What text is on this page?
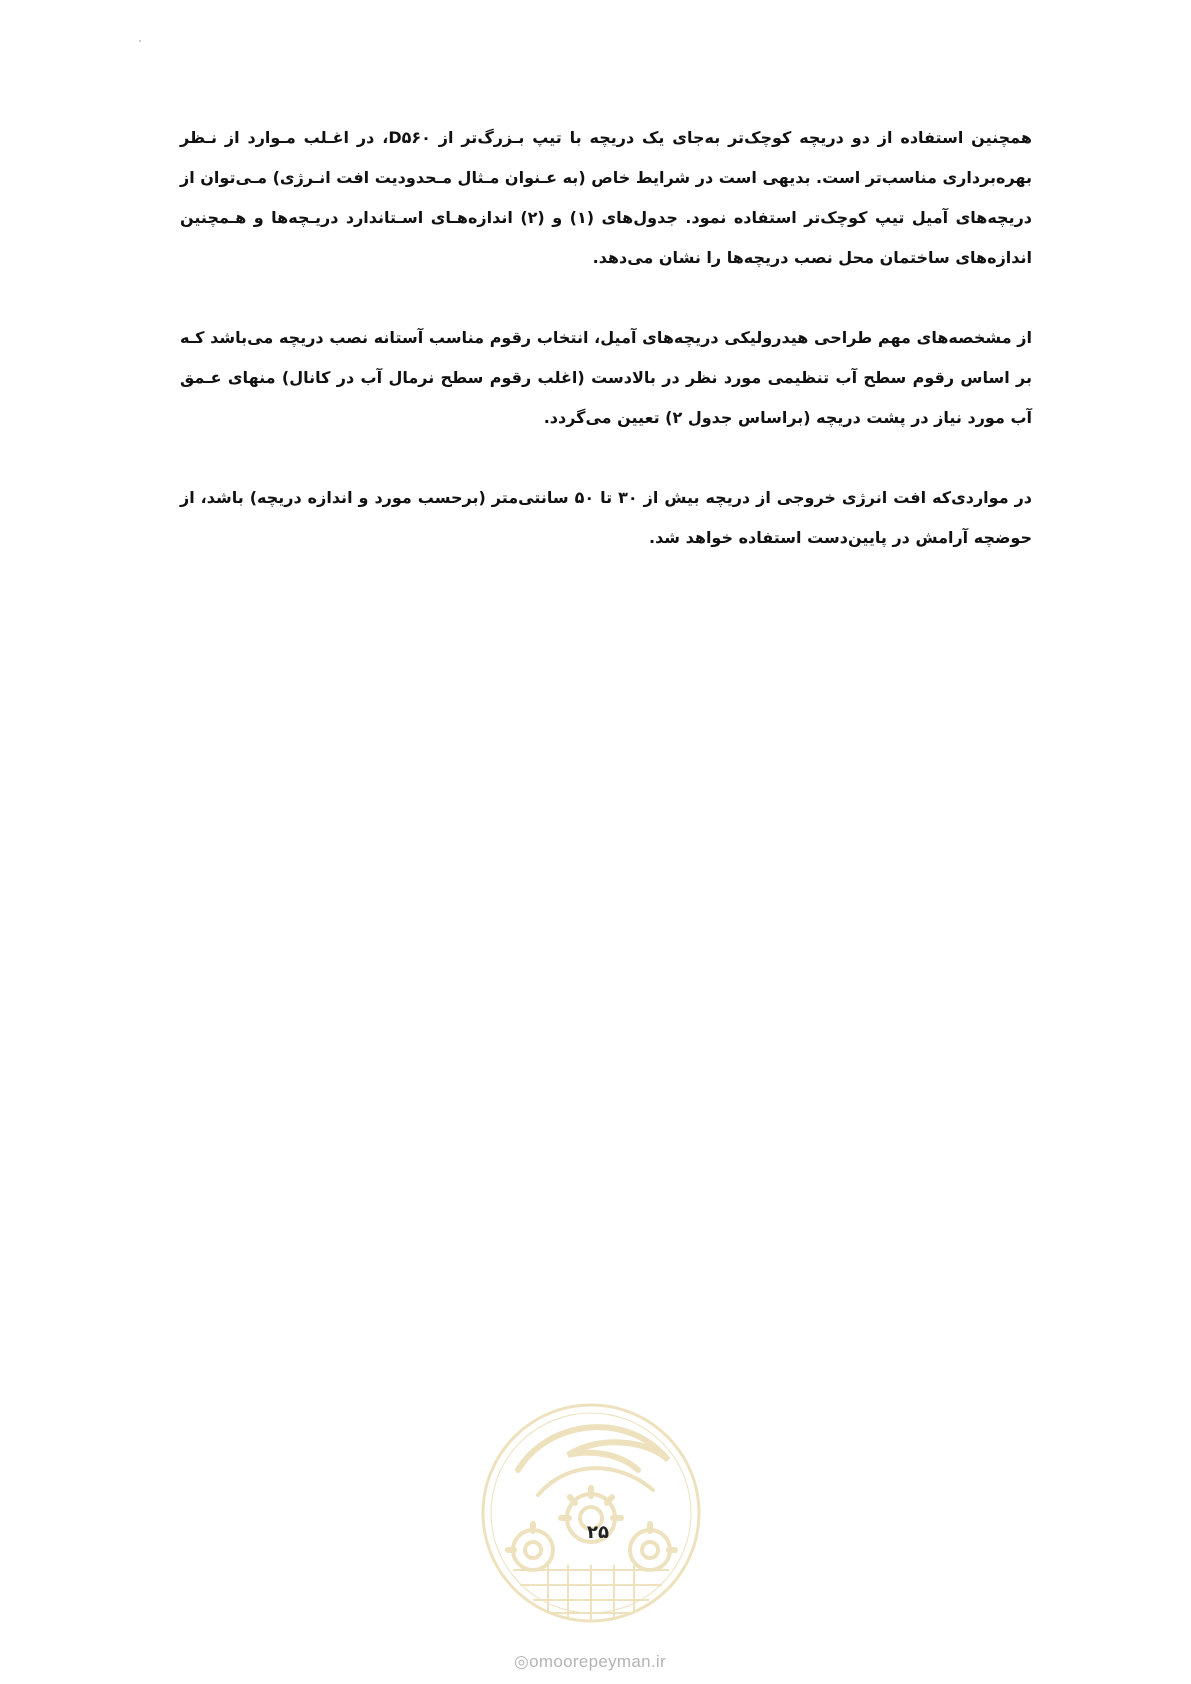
همچنین استفاده از دو دریچه کوچک‌تر به‌جای یک دریچه با تیپ بـزرگ‌تر از D۵۶۰، در اغـلب مـوارد از نـظر بهره‌برداری مناسب‌تر است. بدیهی است در شرایط خاص (به عـنوان مـثال مـحدودیت افت انـرژی) مـی‌توان از دریچه‌های آمیل تیپ کوچک‌تر استفاده نمود. جدول‌های (۱) و (۲) اندازه‌هـای اسـتاندارد دریـچه‌ها و هـمچنین اندازه‌های ساختمان محل نصب دریچه‌ها را نشان می‌دهد.

از مشخصه‌های مهم طراحی هیدرولیکی دریچه‌های آمیل، انتخاب رقوم مناسب آستانه نصب دریچه می‌باشد کـه بر اساس رقوم سطح آب تنظیمی مورد نظر در بالادست (اغلب رقوم سطح نرمال آب در کانال) منهای عـمق آب مورد نیاز در پشت دریچه (براساس جدول ۲) تعیین می‌گردد.

در مواردی‌که افت انرژی خروجی از دریچه بیش از ۳۰ تا ۵۰ سانتی‌متر (برحسب مورد و اندازه دریچه) باشد، از حوضچه آرامش در پایین‌دست استفاده خواهد شد.

۲۵
◎omoorepeyman.ir
